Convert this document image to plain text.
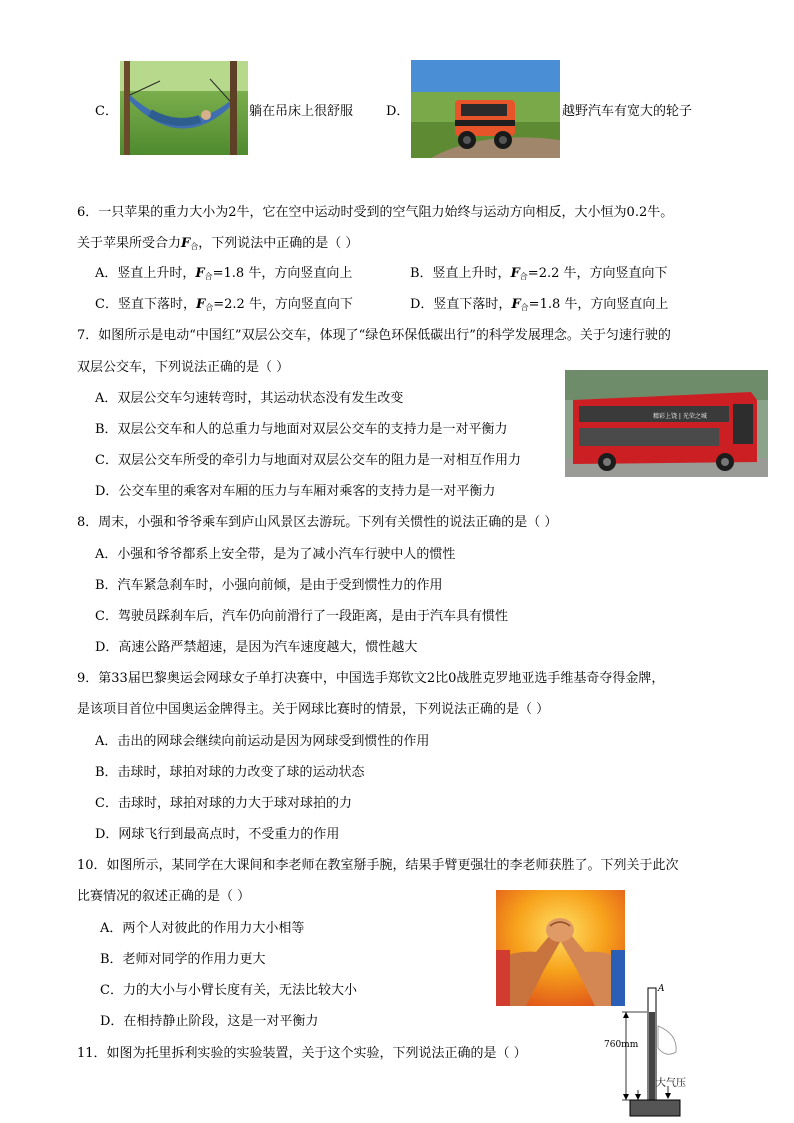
C．	躺在吊床上很舒服	D．	越野汽车有宽大的轮子
6．一只苹果的重力大小为2牛，它在空中运动时受到的空气阻力始终与运动方向相反，大小恒为0.2牛。
关于苹果所受合力$F_合$，下列说法中正确的是（ ）
A．竖直上升时，$F_合=1.8$ 牛，方向竖直向上	B．竖直上升时，$F_合=2.2$ 牛，方向竖直向下
C．竖直下落时，$F_合=2.2$ 牛，方向竖直向下	D．竖直下落时，$F_合=1.8$ 牛，方向竖直向上
7．如图所示是电动“中国红”双层公交车，体现了“绿色环保低碳出行”的科学发展理念。关于匀速行驶的
双层公交车，下列说法正确的是（ ）
A．双层公交车匀速转弯时，其运动状态没有发生改变
B．双层公交车和人的总重力与地面对双层公交车的支持力是一对平衡力
C．双层公交车所受的牵引力与地面对双层公交车的阻力是一对相互作用力
D．公交车里的乘客对车厢的压力与车厢对乘客的支持力是一对平衡力
精彩上饶 | 光荣之城
8．周末，小强和爷爷乘车到庐山风景区去游玩。下列有关惯性的说法正确的是（ ）
A．小强和爷爷都系上安全带，是为了减小汽车行驶中人的惯性
B．汽车紧急刹车时，小强向前倾，是由于受到惯性力的作用
C．驾驶员踩刹车后，汽车仍向前滑行了一段距离，是由于汽车具有惯性
D．高速公路严禁超速，是因为汽车速度越大，惯性越大
9．第33届巴黎奥运会网球女子单打决赛中，中国选手郑钦文2比0战胜克罗地亚选手维基奇夺得金牌，
是该项目首位中国奥运金牌得主。关于网球比赛时的情景，下列说法正确的是（ ）
A．击出的网球会继续向前运动是因为网球受到惯性的作用
B．击球时，球拍对球的力改变了球的运动状态
C．击球时，球拍对球的力大于球对球拍的力
D．网球飞行到最高点时，不受重力的作用
10．如图所示，某同学在大课间和李老师在教室掰手腕，结果手臂更强壮的李老师获胜了。下列关于此次
比赛情况的叙述正确的是（ ）
A．两个人对彼此的作用力大小相等
B．老师对同学的作用力更大
C．力的大小与小臂长度有关，无法比较大小
D．在相持静止阶段，这是一对平衡力
11．如图为托里拆利实验的实验装置，关于这个实验，下列说法正确的是（ ）
A
760mm
大气压
